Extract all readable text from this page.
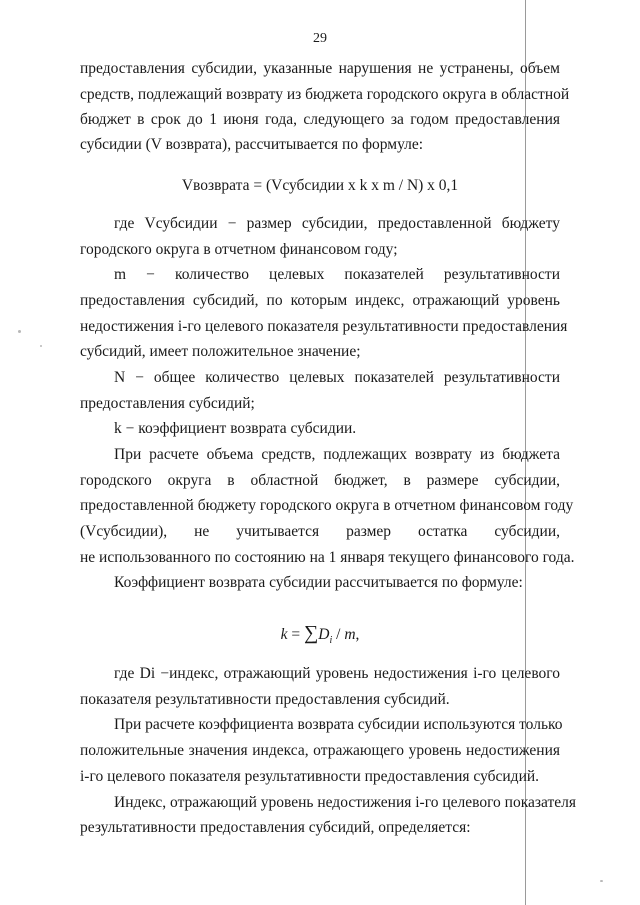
29
предоставления субсидии, указанные нарушения не устранены, объем
средств, подлежащий возврату из бюджета городского округа в областной
бюджет в срок до 1 июня года, следующего за годом предоставления
субсидии (V возврата), рассчитывается по формуле:
Vвозврата = (Vсубсидии х k х m / N) х 0,1
где Vсубсидии − размер субсидии, предоставленной бюджету
городского округа в отчетном финансовом году;
m − количество целевых показателей результативности
предоставления субсидий, по которым индекс, отражающий уровень
недостижения i-го целевого показателя результативности предоставления
субсидий, имеет положительное значение;
N − общее количество целевых показателей результативности
предоставления субсидий;
k − коэффициент возврата субсидии.
При расчете объема средств, подлежащих возврату из бюджета
городского округа в областной бюджет, в размере субсидии,
предоставленной бюджету городского округа в отчетном финансовом году
(Vсубсидии), не учитывается размер остатка субсидии,
не использованного по состоянию на 1 января текущего финансового года.
Коэффициент возврата субсидии рассчитывается по формуле:
$k = \sum D_i / m$,
где Di −индекс, отражающий уровень недостижения i-го целевого
показателя результативности предоставления субсидий.
При расчете коэффициента возврата субсидии используются только
положительные значения индекса, отражающего уровень недостижения
i-го целевого показателя результативности предоставления субсидий.
Индекс, отражающий уровень недостижения i-го целевого показателя
результативности предоставления субсидий, определяется:
